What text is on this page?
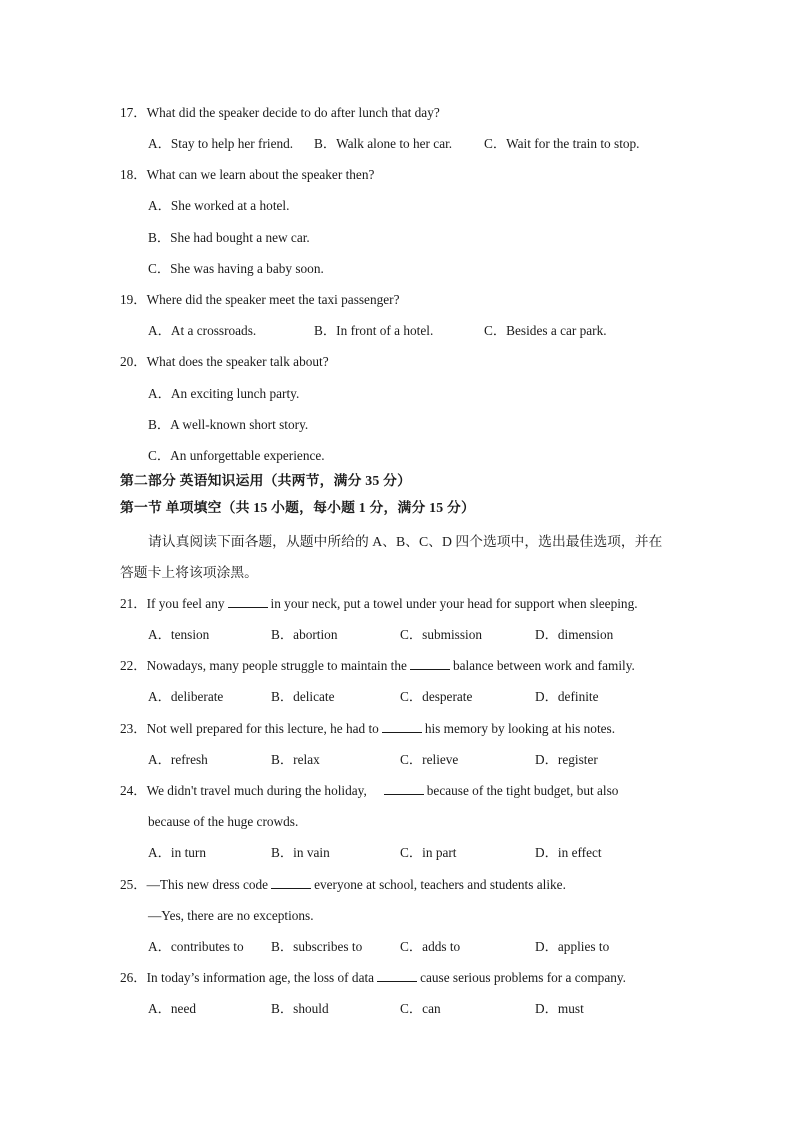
17．What did the speaker decide to do after lunch that day?
A．Stay to help her friend. B．Walk alone to her car. C．Wait for the train to stop.
18．What can we learn about the speaker then?
A．She worked at a hotel.
B．She had bought a new car.
C．She was having a baby soon.
19．Where did the speaker meet the taxi passenger?
A．At a crossroads.	B．In front of a hotel.	C．Besides a car park.
20．What does the speaker talk about?
A．An exciting lunch party.
B．A well-known short story.
C．An unforgettable experience.
第二部分 英语知识运用（共两节，满分 35 分）
第一节 单项填空（共 15 小题，每小题 1 分，满分 15 分）
请认真阅读下面各题，从题中所给的 A、B、C、D 四个选项中，选出最佳选项，并在
答题卡上将该项涂黑。
21．If you feel any	in your neck, put a towel under your head for support when sleeping.
A．tension	B．abortion	C．submission	D．dimension
22．Nowadays, many people struggle to maintain the	balance between work and family.
A．deliberate	B．delicate	C．desperate	D．definite
23．Not well prepared for this lecture, he had to	his memory by looking at his notes.
A．refresh	B．relax	C．relieve	D．register
24．We didn't travel much during the holiday,	because of the tight budget, but also
because of the huge crowds.
A．in turn	B．in vain	C．in part	D．in effect
25．—This new dress code	everyone at school, teachers and students alike.
—Yes, there are no exceptions.
A．contributes to B．subscribes to	C．adds to	D．applies to
26．In today’s information age, the loss of data	cause serious problems for a company.
A．need	B．should	C．can	D．must
